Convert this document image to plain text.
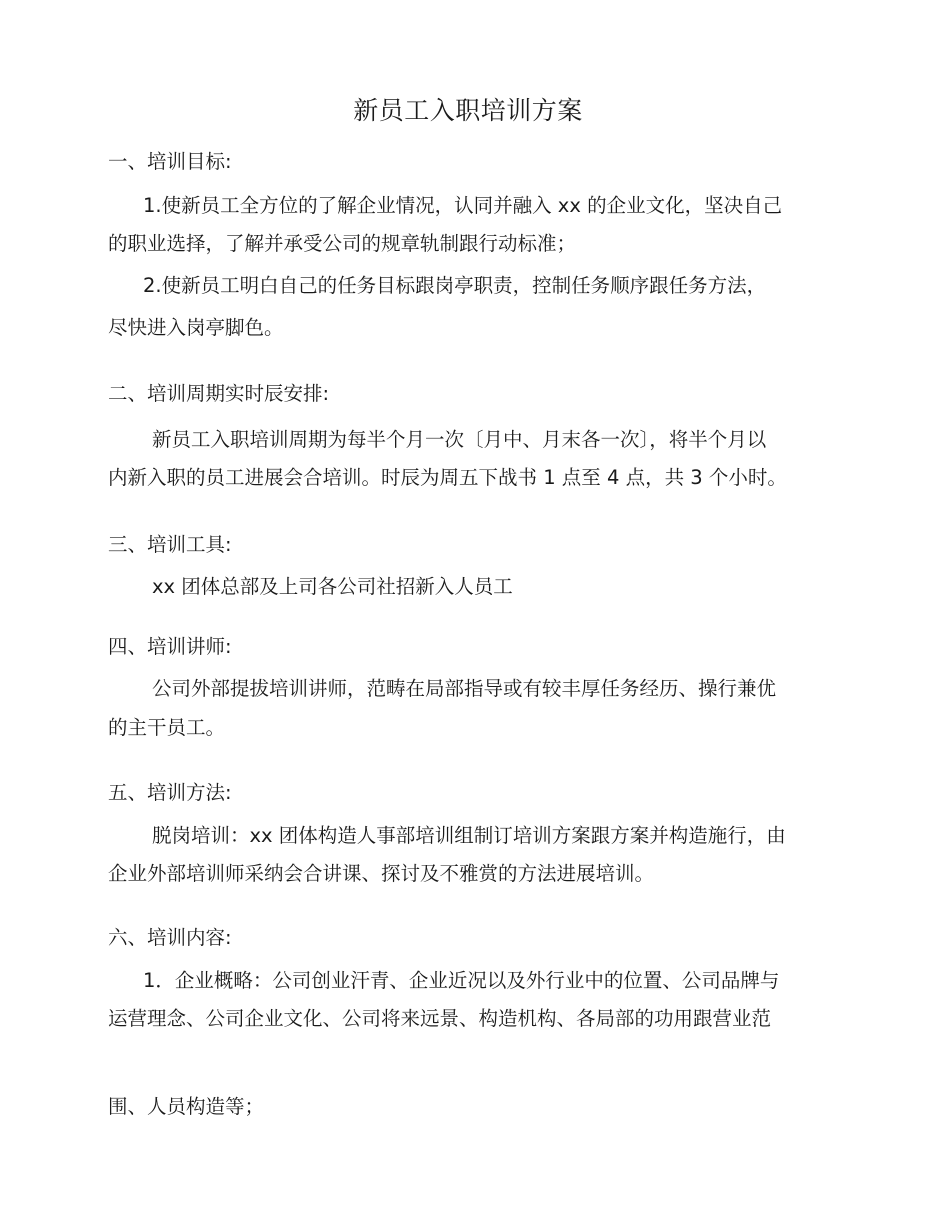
新员工入职培训方案
一、培训目标:
1.使新员工全方位的了解企业情况，认同并融入 xx 的企业文化，坚决自己
的职业选择，了解并承受公司的规章轨制跟行动标准；
2.使新员工明白自己的任务目标跟岗亭职责，控制任务顺序跟任务方法，
尽快进入岗亭脚色。
二、培训周期实时辰安排:
新员工入职培训周期为每半个月一次〔月中、月末各一次〕，将半个月以
内新入职的员工进展会合培训。时辰为周五下战书 1 点至 4 点，共 3 个小时。
三、培训工具:
xx 团体总部及上司各公司社招新入人员工
四、培训讲师:
公司外部提拔培训讲师，范畴在局部指导或有较丰厚任务经历、操行兼优
的主干员工。
五、培训方法:
脱岗培训：xx 团体构造人事部培训组制订培训方案跟方案并构造施行，由
企业外部培训师采纳会合讲课、探讨及不雅赏的方法进展培训。
六、培训内容:
1．企业概略：公司创业汗青、企业近况以及外行业中的位置、公司品牌与
运营理念、公司企业文化、公司将来远景、构造机构、各局部的功用跟营业范
围、人员构造等；
